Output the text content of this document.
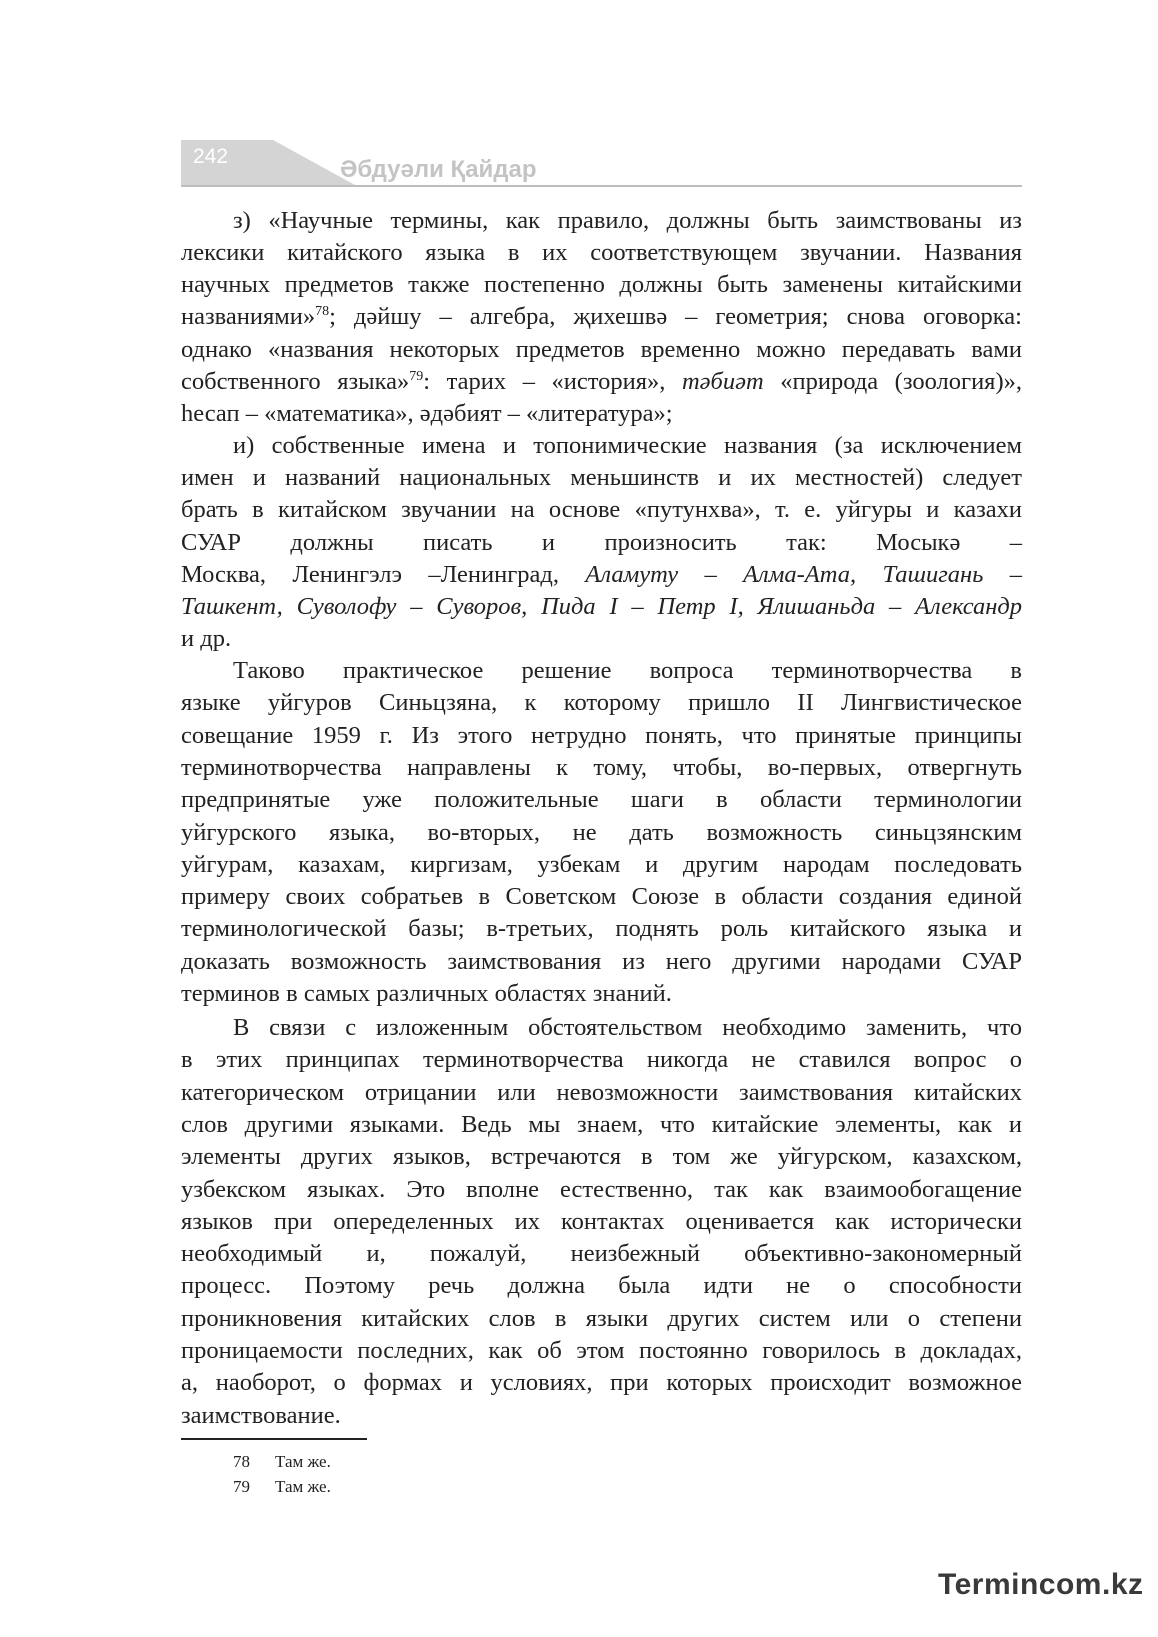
242	Әбдуәли Қайдар

з) «Научные термины, как правило, должны быть заимствованы из

лексики китайского языка в их соответствующем звучании. Названия

научных предметов также постепенно должны быть заменены китайскими

названиями»$^{78}$; дәйшу – алгебра, җихешвә – геометрия; снова оговорка:

однако «названия некоторых предметов временно можно передавать вами

собственного языка»$^{79}$: тарих – «история», тәбиәт «природа (зоология)»,

һесап – «математика», әдәбият – «литература»;

и) собственные имена и топонимические названия (за исключением

имен и названий национальных меньшинств и их местностей) следует

брать в китайском звучании на основе «путунхва», т. е. уйгуры и казахи

СУАР должны писать и произносить так: Мосыкә –

Москва, Ленингэлэ –Ленинград, Аламуту – Алма-Ата, Ташигань –

Ташкент, Суволофу – Суворов, Пида I – Петр I, Ялишаньда – Александр

и др.

Таково практическое решение вопроса терминотворчества в

языке уйгуров Синьцзяна, к которому пришло II Лингвистическое

совещание 1959 г. Из этого нетрудно понять, что принятые принципы

терминотворчества направлены к тому, чтобы, во-первых, отвергнуть

предпринятые уже положительные шаги в области терминологии

уйгурского языка, во-вторых, не дать возможность синьцзянским

уйгурам, казахам, киргизам, узбекам и другим народам последовать

примеру своих собратьев в Советском Союзе в области создания единой

терминологической базы; в-третьих, поднять роль китайского языка и

доказать возможность заимствования из него другими народами СУАР

терминов в самых различных областях знаний.

В связи с изложенным обстоятельством необходимо заменить, что

в этих принципах терминотворчества никогда не ставился вопрос о

категорическом отрицании или невозможности заимствования китайских

слов другими языками. Ведь мы знаем, что китайские элементы, как и

элементы других языков, встречаются в том же уйгурском, казахском,

узбекском языках. Это вполне естественно, так как взаимообогащение

языков при опеределенных их контактах оценивается как исторически

необходимый и, пожалуй, неизбежный объективно-закономерный

процесс. Поэтому речь должна была идти не о способности

проникновения китайских слов в языки других систем или о степени

проницаемости последних, как об этом постоянно говорилось в докладах,

а, наоборот, о формах и условиях, при которых происходит возможное

заимствование.

78 Там же.
79 Там же.
Termincom.kz
